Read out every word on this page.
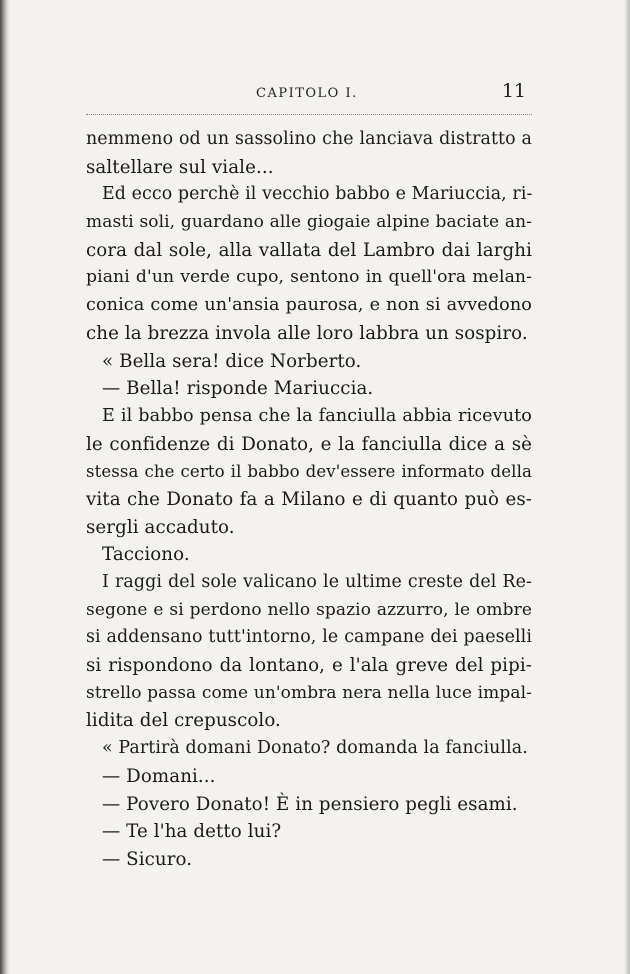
CAPITOLO I.	11
nemmeno od un sassolino che lanciava distratto a
saltellare sul viale...
Ed ecco perchè il vecchio babbo e Mariuccia, ri-
masti soli, guardano alle giogaie alpine baciate an-
cora dal sole, alla vallata del Lambro dai larghi
piani d'un verde cupo, sentono in quell'ora melan-
conica come un'ansia paurosa, e non si avvedono
che la brezza invola alle loro labbra un sospiro.
« Bella sera! dice Norberto.
— Bella! risponde Mariuccia.
E il babbo pensa che la fanciulla abbia ricevuto
le confidenze di Donato, e la fanciulla dice a sè
stessa che certo il babbo dev'essere informato della
vita che Donato fa a Milano e di quanto può es-
sergli accaduto.
Tacciono.
I raggi del sole valicano le ultime creste del Re-
segone e si perdono nello spazio azzurro, le ombre
si addensano tutt'intorno, le campane dei paeselli
si rispondono da lontano, e l'ala greve del pipi-
strello passa come un'ombra nera nella luce impal-
lidita del crepuscolo.
« Partirà domani Donato? domanda la fanciulla.
— Domani...
— Povero Donato! È in pensiero pegli esami.
— Te l'ha detto lui?
— Sicuro.
